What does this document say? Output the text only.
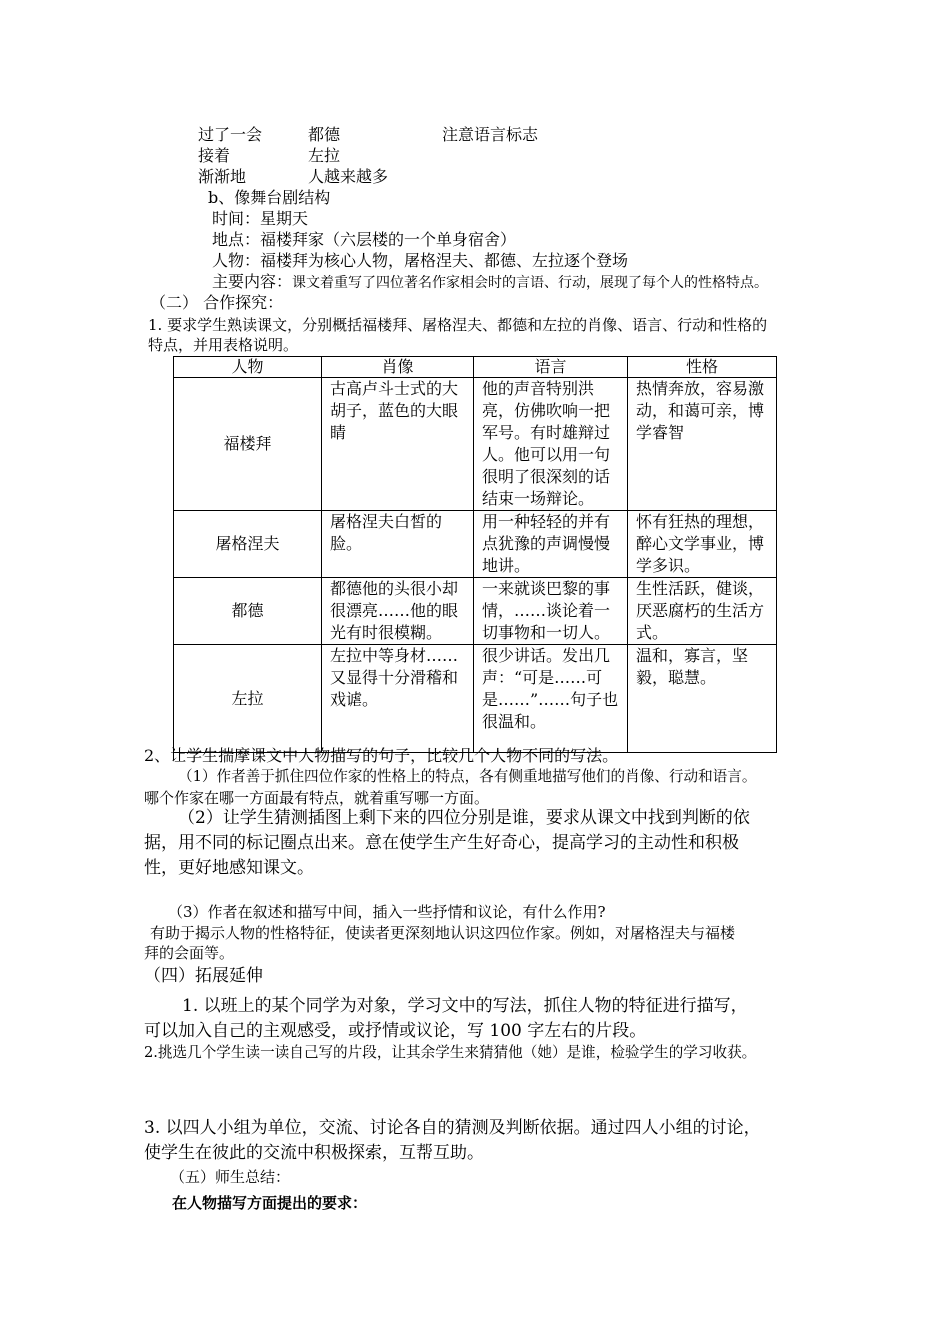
过了一会	都德	注意语言标志
接着	左拉
渐渐地	人越来越多
b、像舞台剧结构
时间：星期天
地点：福楼拜家（六层楼的一个单身宿舍）
人物：福楼拜为核心人物，屠格涅夫、都德、左拉逐个登场
主要内容：课文着重写了四位著名作家相会时的言语、行动，展现了每个人的性格特点。
（二） 合作探究：
1. 要求学生熟读课文，分别概括福楼拜、屠格涅夫、都德和左拉的肖像、语言、行动和性格的
特点，并用表格说明。
人物	肖像	语言	性格
福楼拜	古高卢斗士式的大胡子，蓝色的大眼睛	他的声音特别洪亮，仿佛吹响一把军号。有时雄辩过人。他可以用一句很明了很深刻的话结束一场辩论。	热情奔放，容易激动，和蔼可亲，博学睿智
屠格涅夫	屠格涅夫白皙的脸。	用一种轻轻的并有点犹豫的声调慢慢地讲。	怀有狂热的理想，醉心文学事业，博学多识。
都德	都德他的头很小却很漂亮……他的眼光有时很模糊。	一来就谈巴黎的事情，……谈论着一切事物和一切人。	生性活跃，健谈，厌恶腐朽的生活方式。
左拉	左拉中等身材……又显得十分滑稽和戏谑。	很少讲话。发出几声：“可是……可是……”……句子也很温和。	温和，寡言，坚毅，聪慧。
2、让学生揣摩课文中人物描写的句子，比较几个人物不同的写法。
（1）作者善于抓住四位作家的性格上的特点，各有侧重地描写他们的肖像、行动和语言。
哪个作家在哪一方面最有特点，就着重写哪一方面。
（2）让学生猜测插图上剩下来的四位分别是谁，要求从课文中找到判断的依
据，用不同的标记圈点出来。意在使学生产生好奇心，提高学习的主动性和积极
性，更好地感知课文。
（3）作者在叙述和描写中间，插入一些抒情和议论，有什么作用?
有助于揭示人物的性格特征，使读者更深刻地认识这四位作家。例如，对屠格涅夫与福楼
拜的会面等。
（四）拓展延伸
1. 以班上的某个同学为对象，学习文中的写法，抓住人物的特征进行描写，
可以加入自己的主观感受，或抒情或议论，写 100 字左右的片段。
2.挑选几个学生读一读自己写的片段，让其余学生来猜猜他（她）是谁，检验学生的学习收获。
3. 以四人小组为单位，交流、讨论各自的猜测及判断依据。通过四人小组的讨论，
使学生在彼此的交流中积极探索，互帮互助。
（五）师生总结：
在人物描写方面提出的要求：
